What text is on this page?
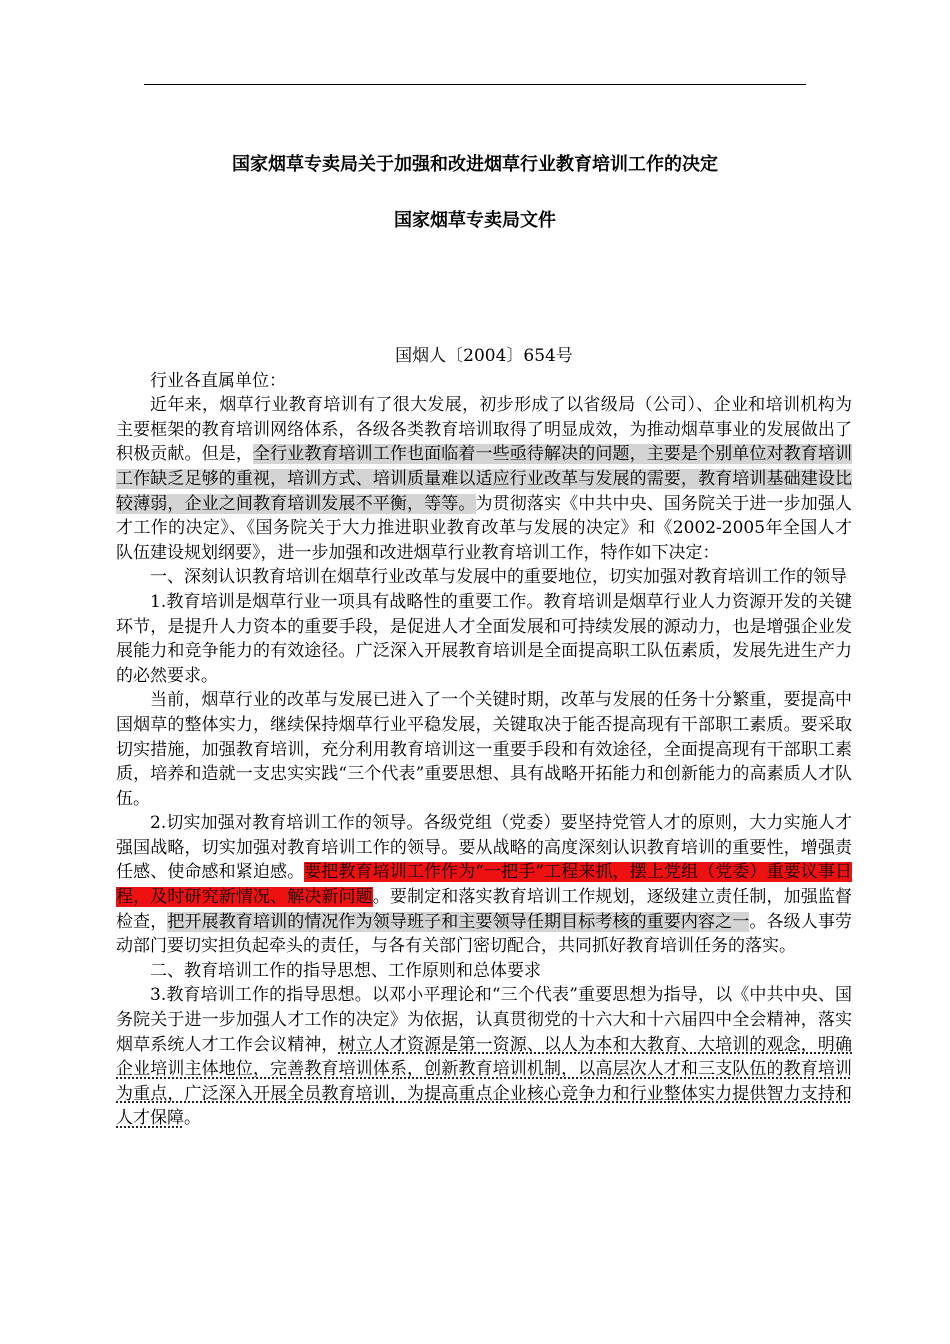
国家烟草专卖局关于加强和改进烟草行业教育培训工作的决定
国家烟草专卖局文件

国烟人〔2004〕654号

行业各直属单位：

近年来，烟草行业教育培训有了很大发展，初步形成了以省级局（公司）、企业和培训机构为主要框架的教育培训网络体系，各级各类教育培训取得了明显成效，为推动烟草事业的发展做出了积极贡献。但是，全行业教育培训工作也面临着一些亟待解决的问题，主要是个别单位对教育培训工作缺乏足够的重视，培训方式、培训质量难以适应行业改革与发展的需要，教育培训基础建设比较薄弱，企业之间教育培训发展不平衡，等等。为贯彻落实《中共中央、国务院关于进一步加强人才工作的决定》、《国务院关于大力推进职业教育改革与发展的决定》和《2002-2005年全国人才队伍建设规划纲要》，进一步加强和改进烟草行业教育培训工作，特作如下决定：

一、深刻认识教育培训在烟草行业改革与发展中的重要地位，切实加强对教育培训工作的领导

1.教育培训是烟草行业一项具有战略性的重要工作。教育培训是烟草行业人力资源开发的关键环节，是提升人力资本的重要手段，是促进人才全面发展和可持续发展的源动力，也是增强企业发展能力和竞争能力的有效途径。广泛深入开展教育培训是全面提高职工队伍素质，发展先进生产力的必然要求。

当前，烟草行业的改革与发展已进入了一个关键时期，改革与发展的任务十分繁重，要提高中国烟草的整体实力，继续保持烟草行业平稳发展，关键取决于能否提高现有干部职工素质。要采取切实措施，加强教育培训，充分利用教育培训这一重要手段和有效途径，全面提高现有干部职工素质，培养和造就一支忠实实践“三个代表”重要思想、具有战略开拓能力和创新能力的高素质人才队伍。

2.切实加强对教育培训工作的领导。各级党组（党委）要坚持党管人才的原则，大力实施人才强国战略，切实加强对教育培训工作的领导。要从战略的高度深刻认识教育培训的重要性，增强责任感、使命感和紧迫感。要把教育培训工作作为“一把手”工程来抓，摆上党组（党委）重要议事日程，及时研究新情况、解决新问题。要制定和落实教育培训工作规划，逐级建立责任制，加强监督检查，把开展教育培训的情况作为领导班子和主要领导任期目标考核的重要内容之一。各级人事劳动部门要切实担负起牵头的责任，与各有关部门密切配合，共同抓好教育培训任务的落实。

二、教育培训工作的指导思想、工作原则和总体要求

3.教育培训工作的指导思想。以邓小平理论和“三个代表”重要思想为指导，以《中共中央、国务院关于进一步加强人才工作的决定》为依据，认真贯彻党的十六大和十六届四中全会精神，落实烟草系统人才工作会议精神，树立人才资源是第一资源、以人为本和大教育、大培训的观念，明确企业培训主体地位，完善教育培训体系，创新教育培训机制，以高层次人才和三支队伍的教育培训为重点，广泛深入开展全员教育培训，为提高重点企业核心竞争力和行业整体实力提供智力支持和人才保障。
